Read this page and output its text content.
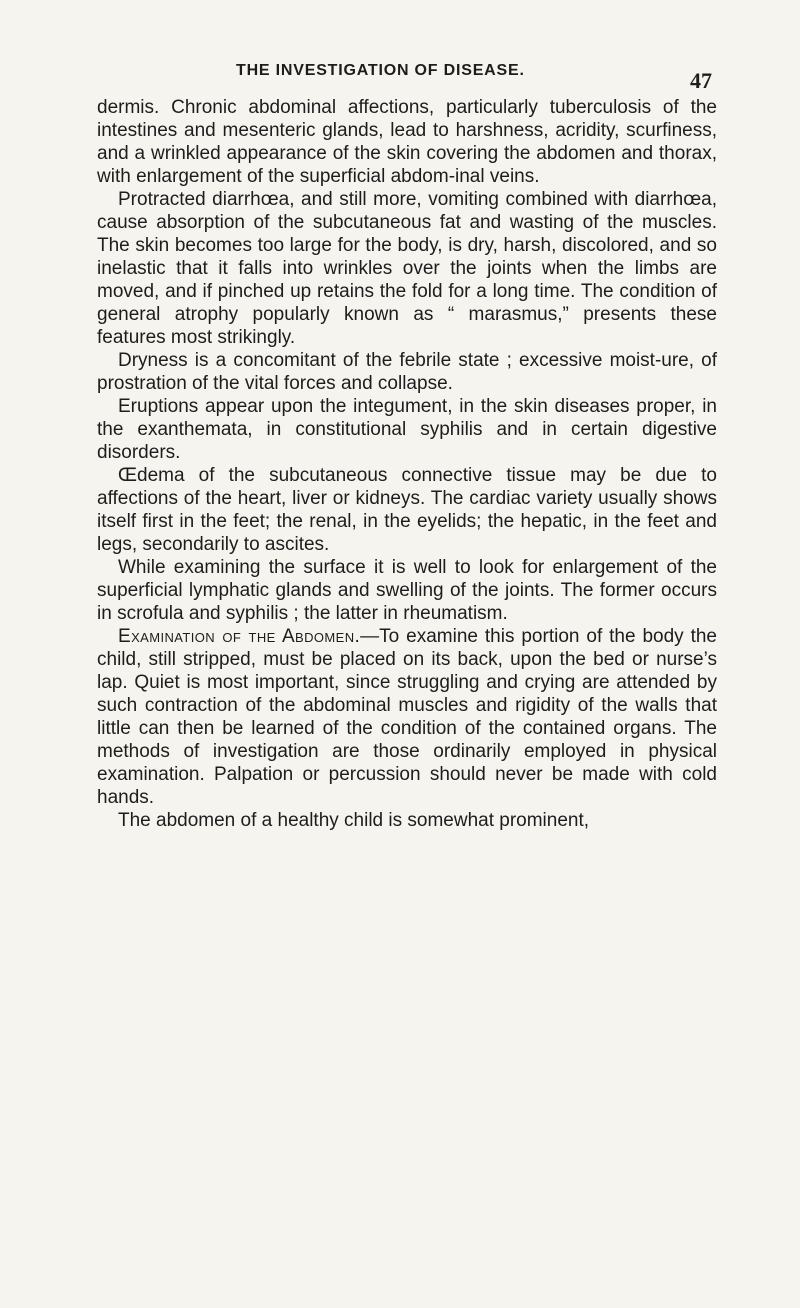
THE INVESTIGATION OF DISEASE.	47

dermis. Chronic abdominal affections, particularly tuberculosis of the intestines and mesenteric glands, lead to harshness, acridity, scurfiness, and a wrinkled appearance of the skin covering the abdomen and thorax, with enlargement of the superficial abdom-inal veins.

Protracted diarrhœa, and still more, vomiting combined with diarrhœa, cause absorption of the subcutaneous fat and wasting of the muscles. The skin becomes too large for the body, is dry, harsh, discolored, and so inelastic that it falls into wrinkles over the joints when the limbs are moved, and if pinched up retains the fold for a long time. The condition of general atrophy popularly known as “ marasmus,” presents these features most strikingly.

Dryness is a concomitant of the febrile state ; excessive moist-ure, of prostration of the vital forces and collapse.

Eruptions appear upon the integument, in the skin diseases proper, in the exanthemata, in constitutional syphilis and in certain digestive disorders.

Œdema of the subcutaneous connective tissue may be due to affections of the heart, liver or kidneys. The cardiac variety usually shows itself first in the feet; the renal, in the eyelids; the hepatic, in the feet and legs, secondarily to ascites.

While examining the surface it is well to look for enlargement of the superficial lymphatic glands and swelling of the joints. The former occurs in scrofula and syphilis ; the latter in rheumatism.

Examination of the Abdomen.—To examine this portion of the body the child, still stripped, must be placed on its back, upon the bed or nurse’s lap. Quiet is most important, since struggling and crying are attended by such contraction of the abdominal muscles and rigidity of the walls that little can then be learned of the condition of the contained organs. The methods of investigation are those ordinarily employed in physical examination. Palpation or percussion should never be made with cold hands.

The abdomen of a healthy child is somewhat prominent,
